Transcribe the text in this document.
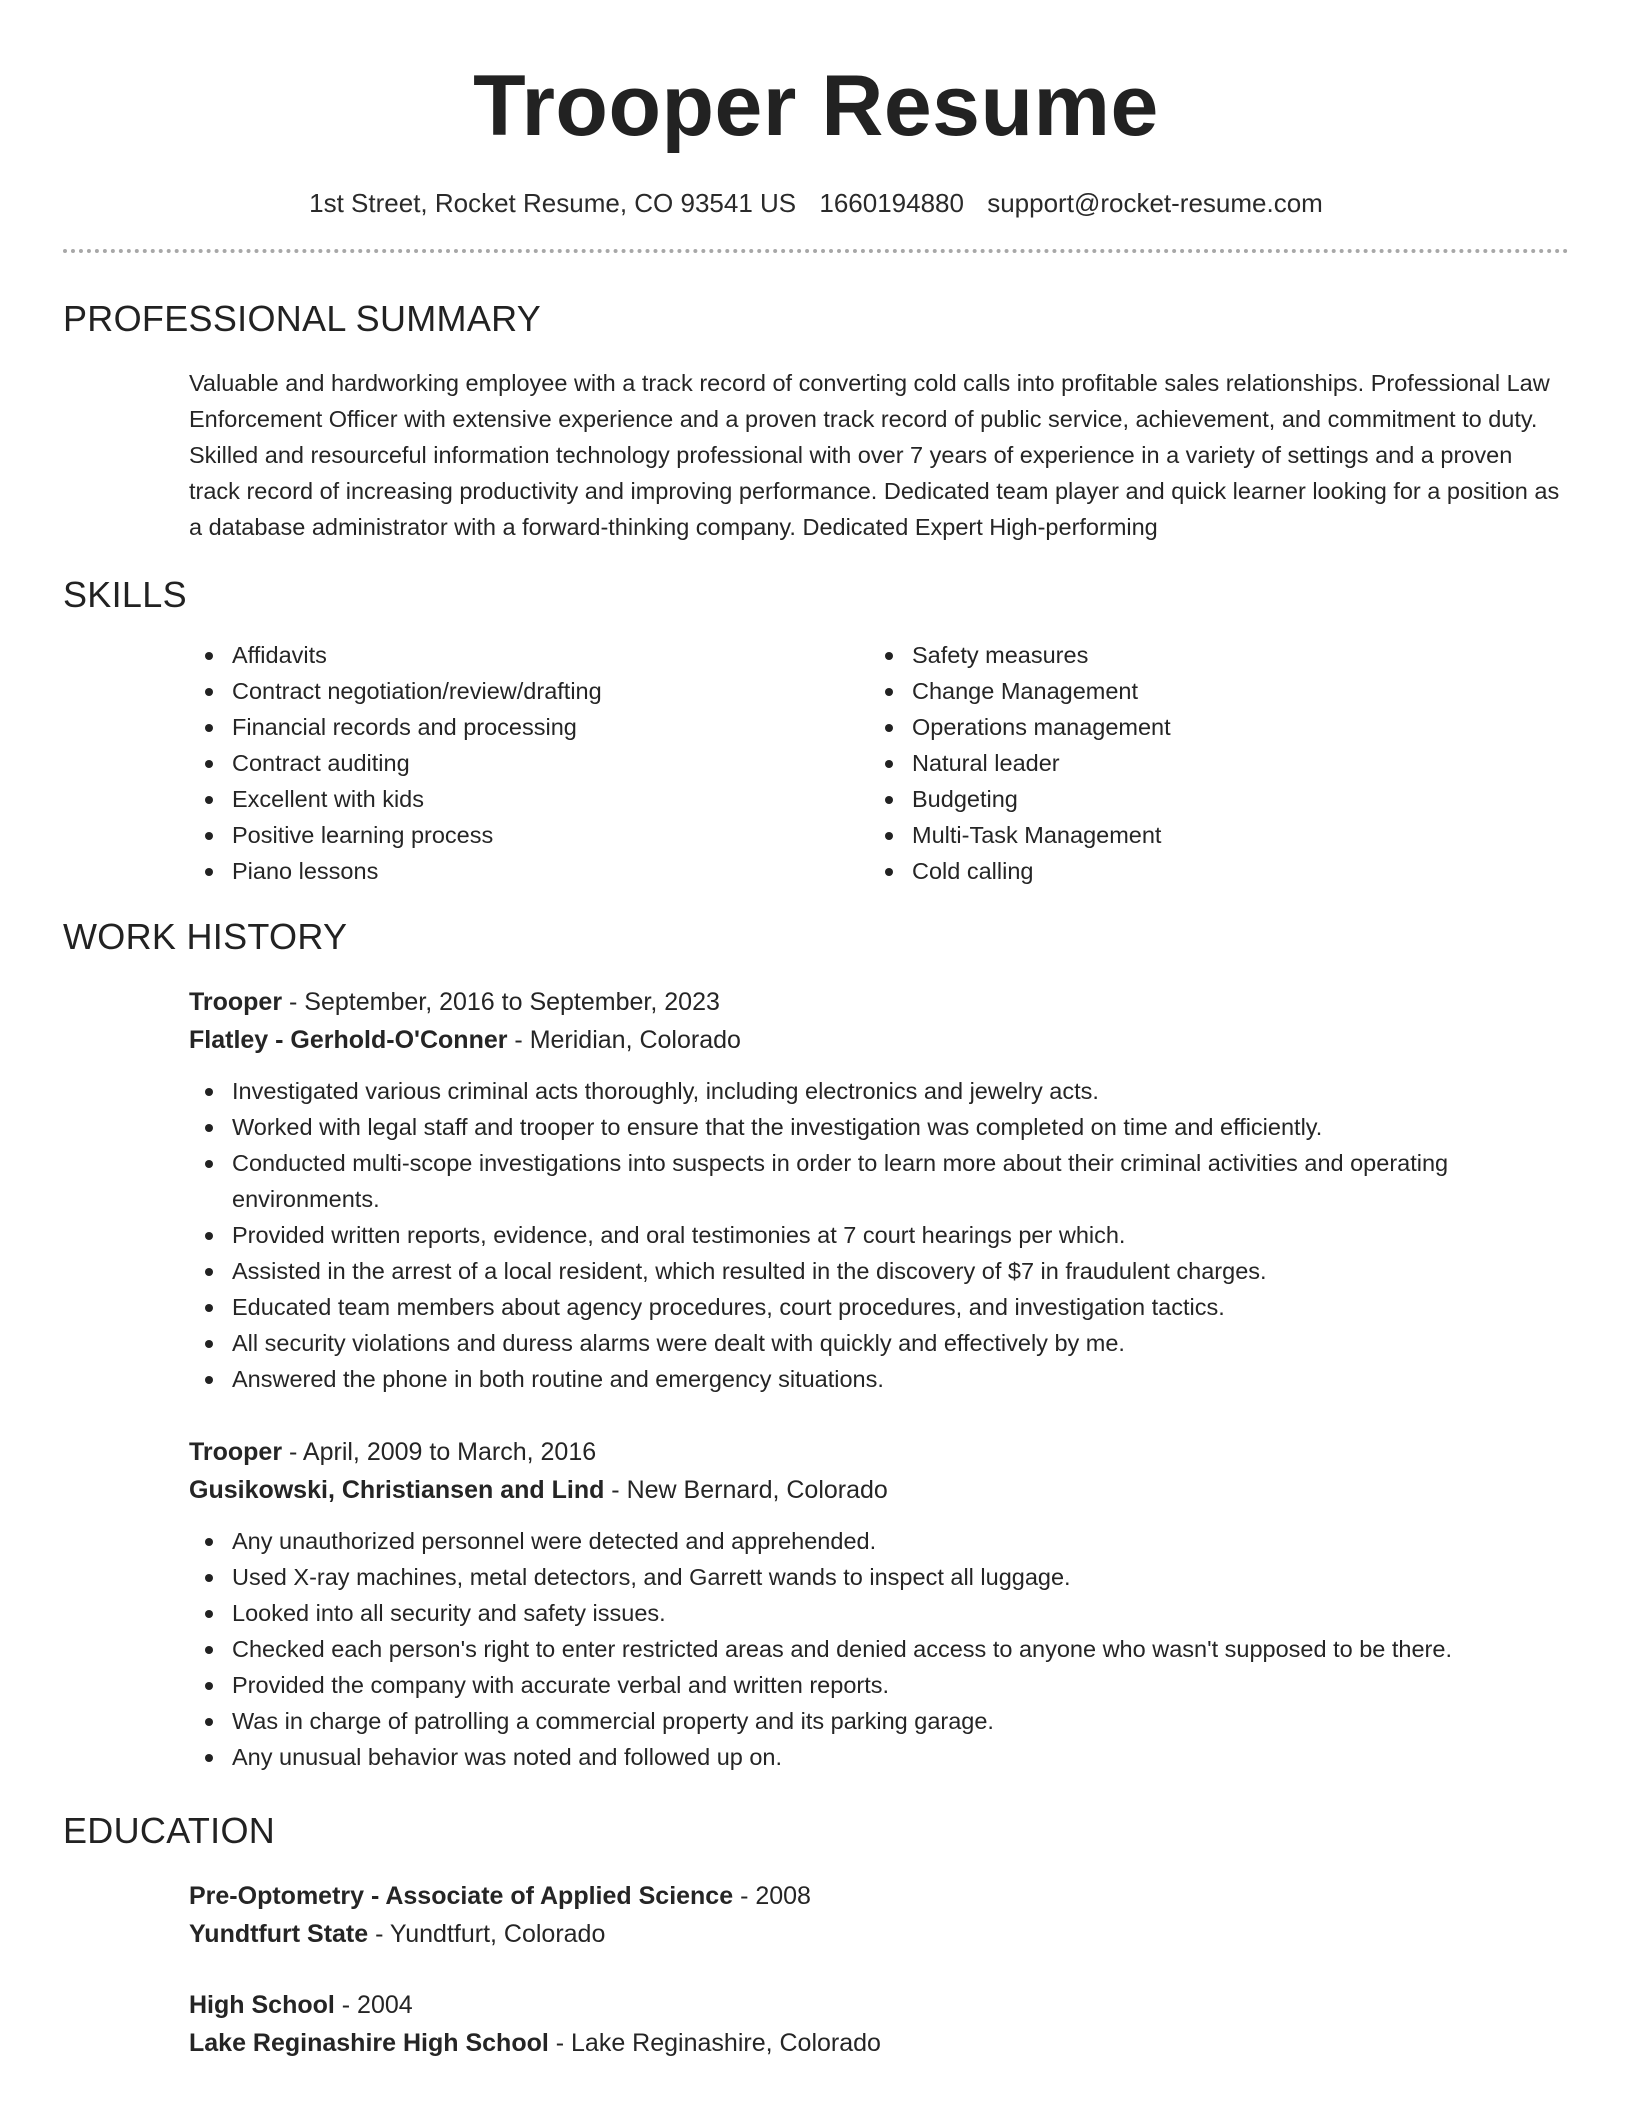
Trooper Resume
1st Street, Rocket Resume, CO 93541 US 1660194880 support@rocket-resume.com
PROFESSIONAL SUMMARY

Valuable and hardworking employee with a track record of converting cold calls into profitable sales relationships. Professional Law Enforcement Officer with extensive experience and a proven track record of public service, achievement, and commitment to duty. Skilled and resourceful information technology professional with over 7 years of experience in a variety of settings and a proven track record of increasing productivity and improving performance. Dedicated team player and quick learner looking for a position as a database administrator with a forward-thinking company. Dedicated Expert High-performing

SKILLS
Affidavits
Contract negotiation/review/drafting
Financial records and processing
Contract auditing
Excellent with kids
Positive learning process
Piano lessons
Safety measures
Change Management
Operations management
Natural leader
Budgeting
Multi-Task Management
Cold calling
WORK HISTORY
Trooper - September, 2016 to September, 2023
Flatley - Gerhold-O'Conner - Meridian, Colorado
Investigated various criminal acts thoroughly, including electronics and jewelry acts.
Worked with legal staff and trooper to ensure that the investigation was completed on time and efficiently.
Conducted multi-scope investigations into suspects in order to learn more about their criminal activities and operating environments.
Provided written reports, evidence, and oral testimonies at 7 court hearings per which.
Assisted in the arrest of a local resident, which resulted in the discovery of $7 in fraudulent charges.
Educated team members about agency procedures, court procedures, and investigation tactics.
All security violations and duress alarms were dealt with quickly and effectively by me.
Answered the phone in both routine and emergency situations.
Trooper - April, 2009 to March, 2016
Gusikowski, Christiansen and Lind - New Bernard, Colorado
Any unauthorized personnel were detected and apprehended.
Used X-ray machines, metal detectors, and Garrett wands to inspect all luggage.
Looked into all security and safety issues.
Checked each person's right to enter restricted areas and denied access to anyone who wasn't supposed to be there.
Provided the company with accurate verbal and written reports.
Was in charge of patrolling a commercial property and its parking garage.
Any unusual behavior was noted and followed up on.
EDUCATION
Pre-Optometry - Associate of Applied Science - 2008
Yundtfurt State - Yundtfurt, Colorado
High School - 2004
Lake Reginashire High School - Lake Reginashire, Colorado
